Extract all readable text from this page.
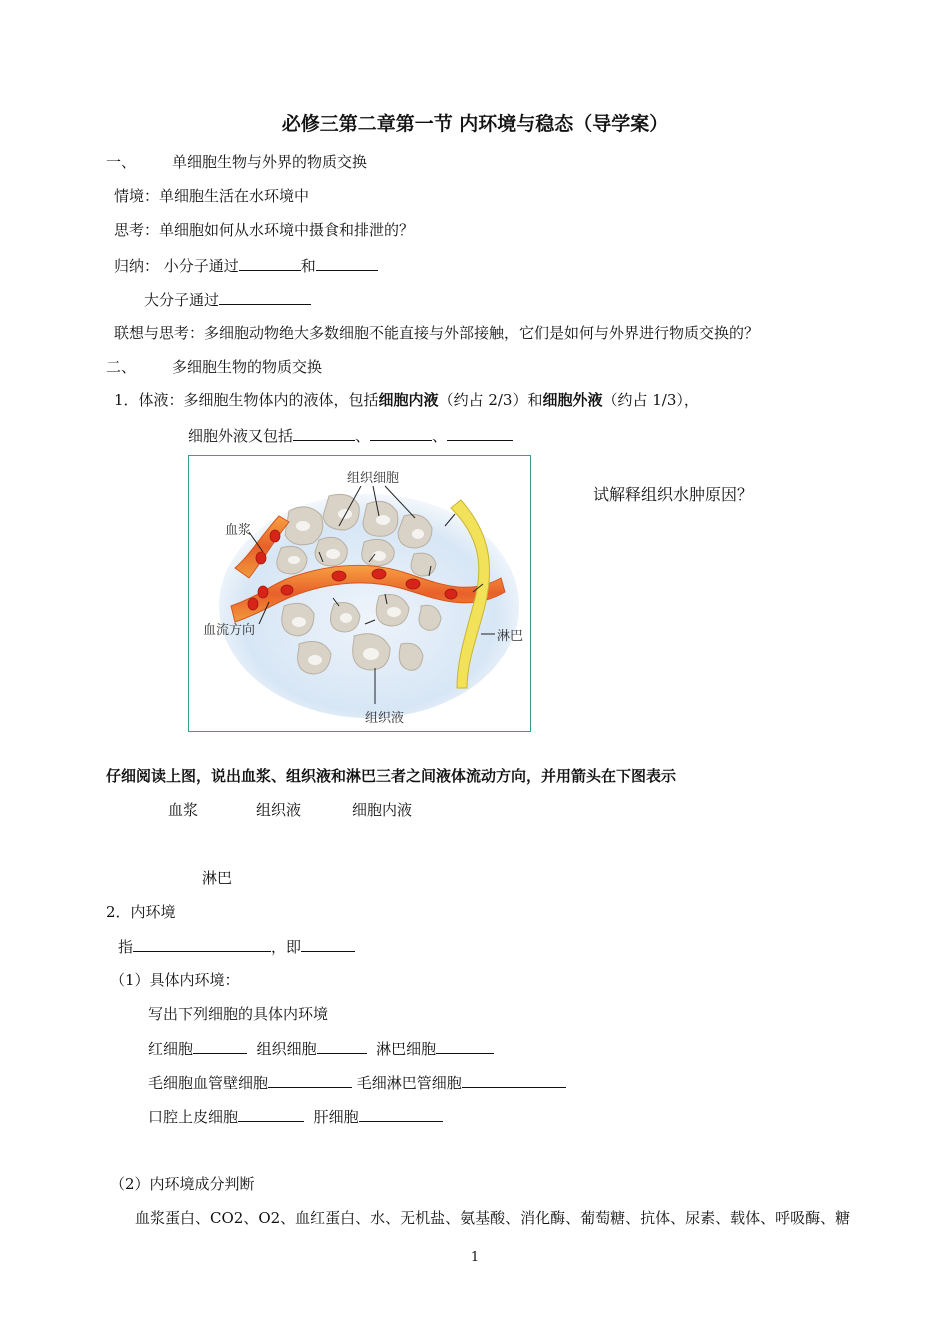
必修三第二章第一节 内环境与稳态（导学案）
一、 单细胞生物与外界的物质交换
情境：单细胞生活在水环境中
思考：单细胞如何从水环境中摄食和排泄的？
归纳： 小分子通过	和
大分子通过
联想与思考：多细胞动物绝大多数细胞不能直接与外部接触，它们是如何与外界进行物质交换的？
二、 多细胞生物的物质交换
1．体液：多细胞生物体内的液体，包括细胞内液（约占 2/3）和细胞外液（约占 1/3），
细胞外液又包括	、	、
组织细胞
血浆
血流方向	淋巴
组织液
试解释组织水肿原因？
仔细阅读上图，说出血浆、组织液和淋巴三者之间液体流动方向，并用箭头在下图表示
血浆	组织液	细胞内液
淋巴
2．内环境
指	，即
（1）具体内环境：
写出下列细胞的具体内环境
红细胞	组织细胞	淋巴细胞
毛细胞血管壁细胞	毛细淋巴管细胞
口腔上皮细胞	肝细胞
（2）内环境成分判断
血浆蛋白、CO2、O2、血红蛋白、水、无机盐、氨基酸、消化酶、葡萄糖、抗体、尿素、载体、呼吸酶、糖
1
